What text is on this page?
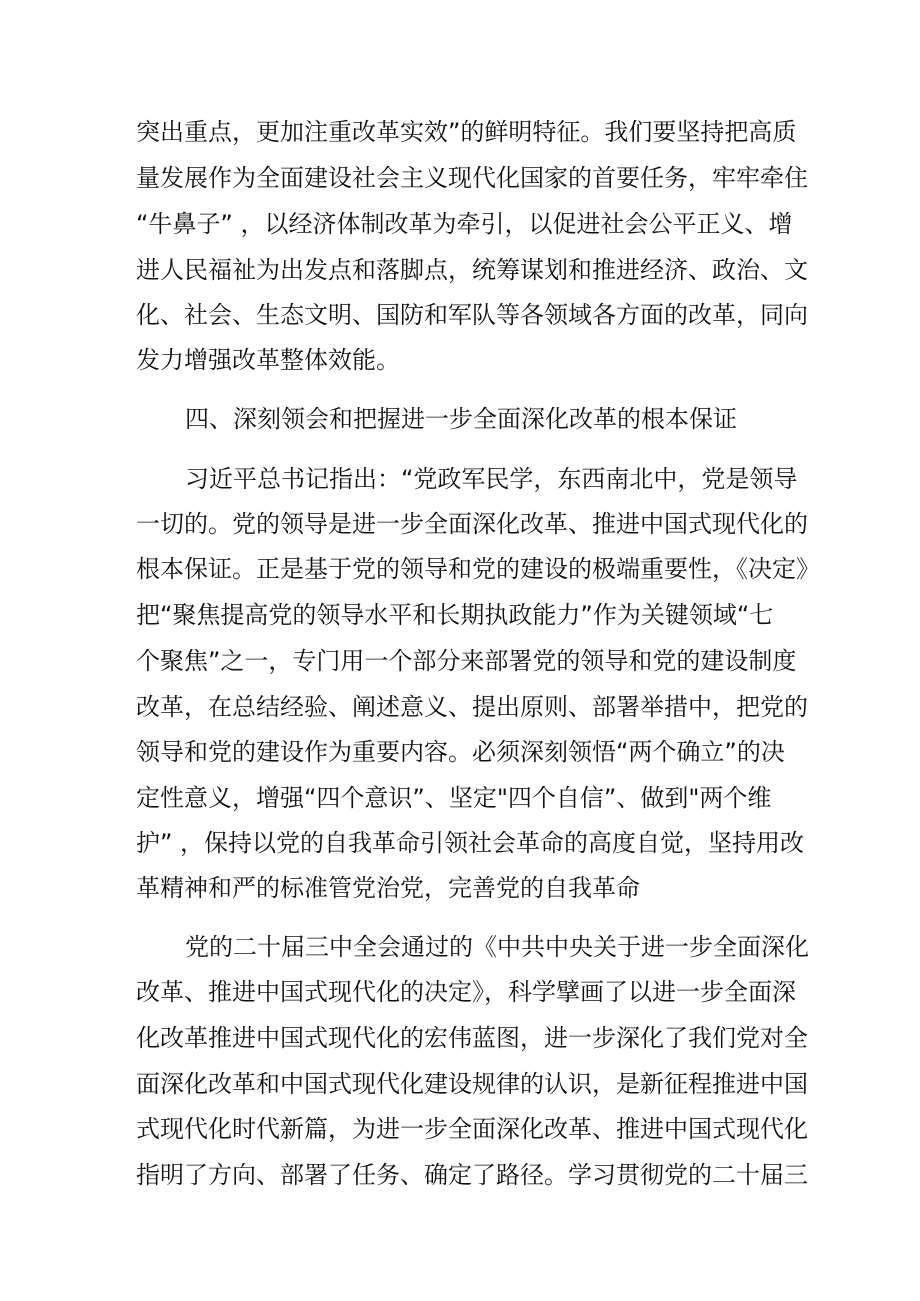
突出重点，更加注重改革实效”的鲜明特征。我们要坚持把高质
量发展作为全面建设社会主义现代化国家的首要任务，牢牢牵住
“牛鼻子” ，以经济体制改革为牵引，以促进社会公平正义、增
进人民福祉为出发点和落脚点，统筹谋划和推进经济、政治、文
化、社会、生态文明、国防和军队等各领域各方面的改革，同向
发力增强改革整体效能。
四、深刻领会和把握进一步全面深化改革的根本保证
习近平总书记指出：“党政军民学，东西南北中，党是领导
一切的。党的领导是进一步全面深化改革、推进中国式现代化的
根本保证。正是基于党的领导和党的建设的极端重要性，《决定》
把“聚焦提高党的领导水平和长期执政能力”作为关键领域“七
个聚焦”之一，专门用一个部分来部署党的领导和党的建设制度
改革，在总结经验、阐述意义、提出原则、部署举措中，把党的
领导和党的建设作为重要内容。必须深刻领悟“两个确立”的决
定性意义，增强“四个意识”、坚定"四个自信”、做到"两个维
护” ，保持以党的自我革命引领社会革命的高度自觉，坚持用改
革精神和严的标准管党治党，完善党的自我革命
党的二十届三中全会通过的《中共中央关于进一步全面深化
改革、推进中国式现代化的决定》，科学擘画了以进一步全面深
化改革推进中国式现代化的宏伟蓝图，进一步深化了我们党对全
面深化改革和中国式现代化建设规律的认识，是新征程推进中国
式现代化时代新篇，为进一步全面深化改革、推进中国式现代化
指明了方向、部署了任务、确定了路径。学习贯彻党的二十届三
